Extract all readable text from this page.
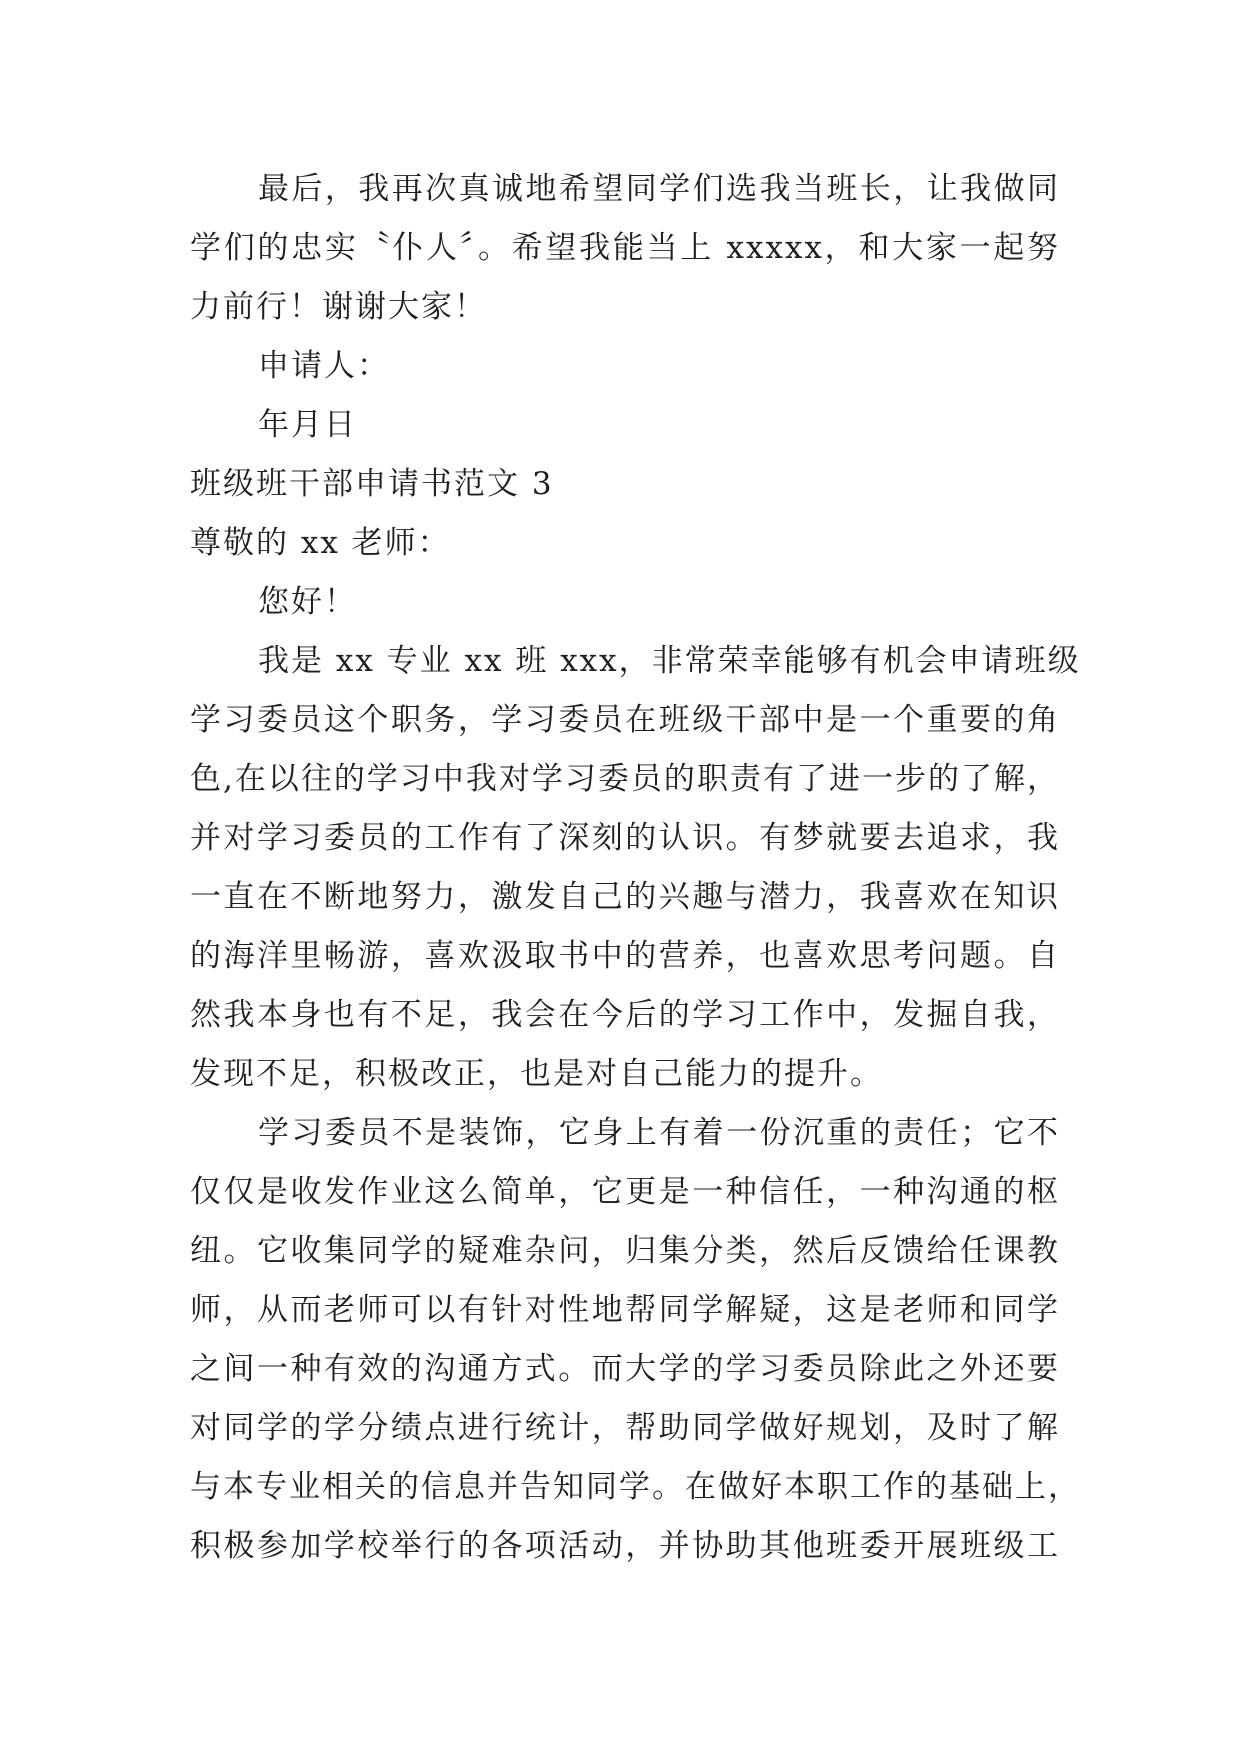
最后，我再次真诚地希望同学们选我当班长，让我做同
学们的忠实〝仆人〞。希望我能当上 xxxxx，和大家一起努
力前行！谢谢大家！
申请人：
年月日
班级班干部申请书范文 3
尊敬的 xx 老师：
您好！
我是 xx 专业 xx 班 xxx，非常荣幸能够有机会申请班级
学习委员这个职务，学习委员在班级干部中是一个重要的角
色,在以往的学习中我对学习委员的职责有了进一步的了解，
并对学习委员的工作有了深刻的认识。有梦就要去追求，我
一直在不断地努力，激发自己的兴趣与潜力，我喜欢在知识
的海洋里畅游，喜欢汲取书中的营养，也喜欢思考问题。自
然我本身也有不足，我会在今后的学习工作中，发掘自我，
发现不足，积极改正，也是对自己能力的提升。
学习委员不是装饰，它身上有着一份沉重的责任；它不
仅仅是收发作业这么简单，它更是一种信任，一种沟通的枢
纽。它收集同学的疑难杂问，归集分类，然后反馈给任课教
师，从而老师可以有针对性地帮同学解疑，这是老师和同学
之间一种有效的沟通方式。而大学的学习委员除此之外还要
对同学的学分绩点进行统计，帮助同学做好规划，及时了解
与本专业相关的信息并告知同学。在做好本职工作的基础上，
积极参加学校举行的各项活动，并协助其他班委开展班级工
